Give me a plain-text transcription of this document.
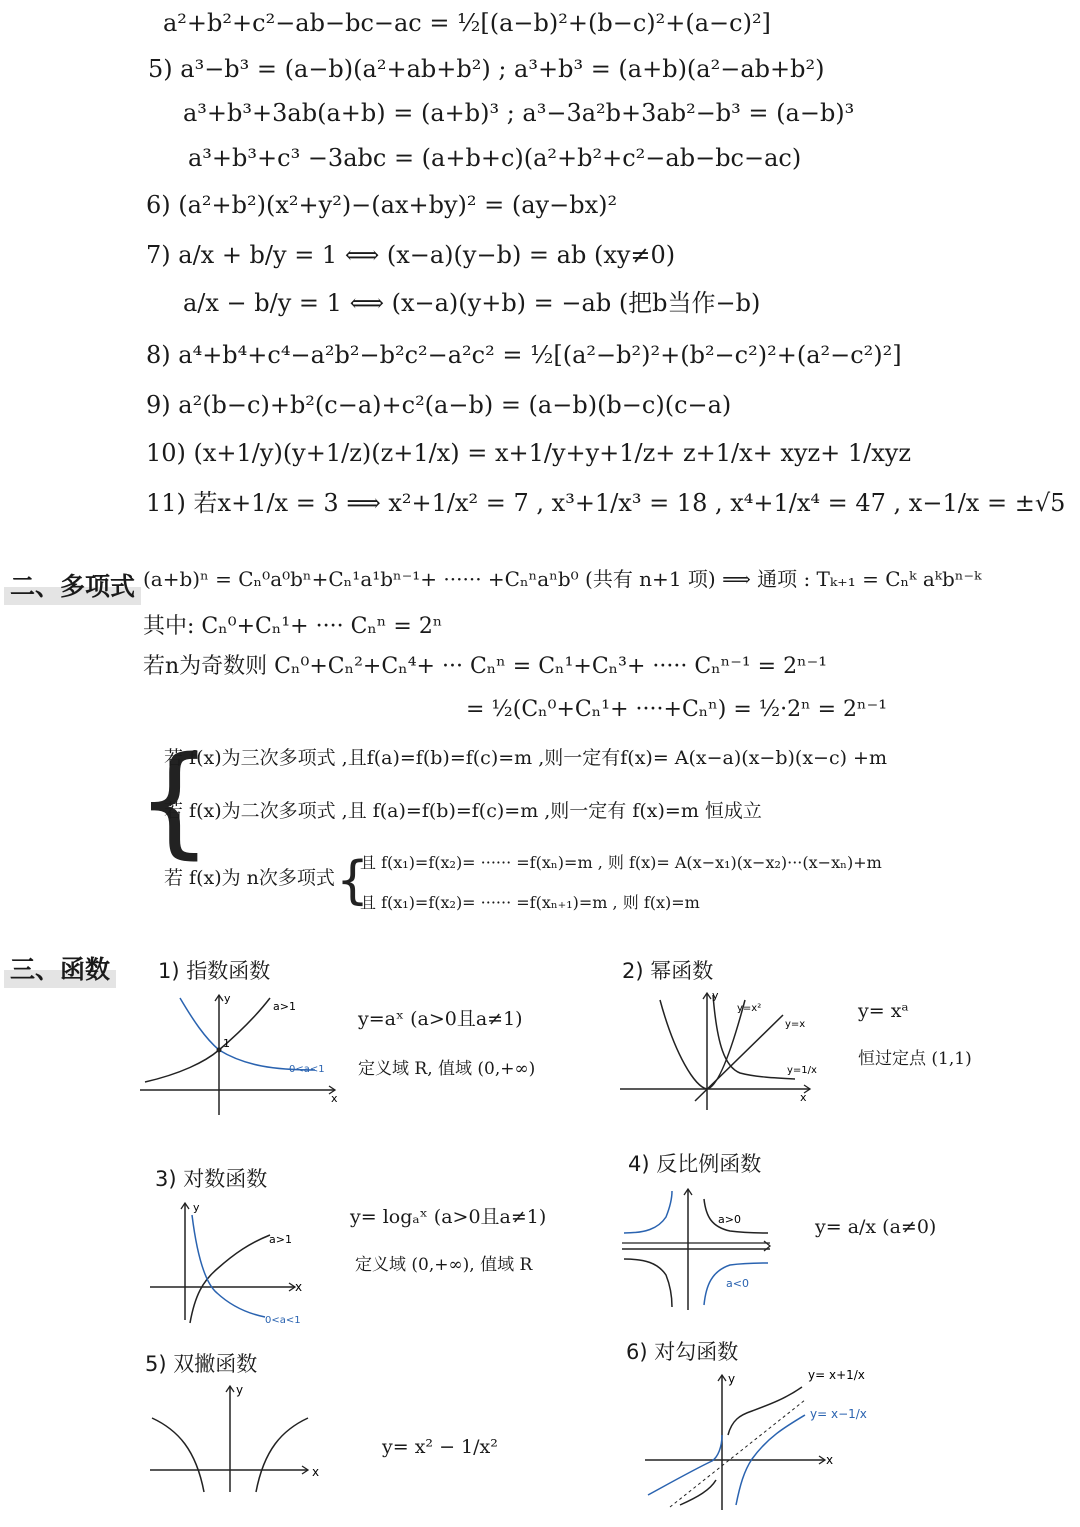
a²+b²+c²−ab−bc−ac = ½[(a−b)²+(b−c)²+(a−c)²]
5) a³−b³ = (a−b)(a²+ab+b²) ; a³+b³ = (a+b)(a²−ab+b²)
a³+b³+3ab(a+b) = (a+b)³ ; a³−3a²b+3ab²−b³ = (a−b)³
a³+b³+c³ −3abc = (a+b+c)(a²+b²+c²−ab−bc−ac)
6) (a²+b²)(x²+y²)−(ax+by)² = (ay−bx)²
7) a/x + b/y = 1 ⟺ (x−a)(y−b) = ab (xy≠0)
a/x − b/y = 1 ⟺ (x−a)(y+b) = −ab (把b当作−b)
8) a⁴+b⁴+c⁴−a²b²−b²c²−a²c² = ½[(a²−b²)²+(b²−c²)²+(a²−c²)²]
9) a²(b−c)+b²(c−a)+c²(a−b) = (a−b)(b−c)(c−a)
10) (x+1/y)(y+1/z)(z+1/x) = x+1/y+y+1/z+ z+1/x+ xyz+ 1/xyz
11) 若x+1/x = 3 ⟹ x²+1/x² = 7 , x³+1/x³ = 18 , x⁴+1/x⁴ = 47 , x−1/x = ±√5
二、多项式 (a+b)ⁿ = Cₙ⁰a⁰bⁿ+Cₙ¹a¹bⁿ⁻¹+ ······ +Cₙⁿaⁿb⁰ (共有 n+1 项) ⟹ 通项 : Tₖ₊₁ = Cₙᵏ aᵏbⁿ⁻ᵏ
其中: Cₙ⁰+Cₙ¹+ ···· Cₙⁿ = 2ⁿ
若n为奇数则 Cₙ⁰+Cₙ²+Cₙ⁴+ ··· Cₙⁿ = Cₙ¹+Cₙ³+ ····· Cₙⁿ⁻¹ = 2ⁿ⁻¹
= ½(Cₙ⁰+Cₙ¹+ ····+Cₙⁿ) = ½·2ⁿ = 2ⁿ⁻¹
{
若 f(x)为三次多项式 ,且f(a)=f(b)=f(c)=m ,则一定有f(x)= A(x−a)(x−b)(x−c) +m
若 f(x)为二次多项式 ,且 f(a)=f(b)=f(c)=m ,则一定有 f(x)=m 恒成立
若 f(x)为 n次多项式 {
且 f(x₁)=f(x₂)= ······ =f(xₙ)=m , 则 f(x)= A(x−x₁)(x−x₂)···(x−xₙ)+m
且 f(x₁)=f(x₂)= ······ =f(xₙ₊₁)=m , 则 f(x)=m
三、函数 1) 指数函数
1
y
x
a>1
0<a<1
y=aˣ (a>0且a≠1)
定义域 R, 值域 (0,+∞)
2) 幂函数
y
x
y=x²
y=x
y=1/x
y= xᵃ
恒过定点 (1,1)
3) 对数函数
y
x
a>1
0<a<1
y= logₐˣ (a>0且a≠1)
定义域 (0,+∞), 值域 R
4) 反比例函数
a>0
a<0
y= a/x (a≠0)
5) 双撇函数
y
x
y= x² − 1/x²
6) 对勾函数
y
x
y= x+1/x
y= x−1/x
